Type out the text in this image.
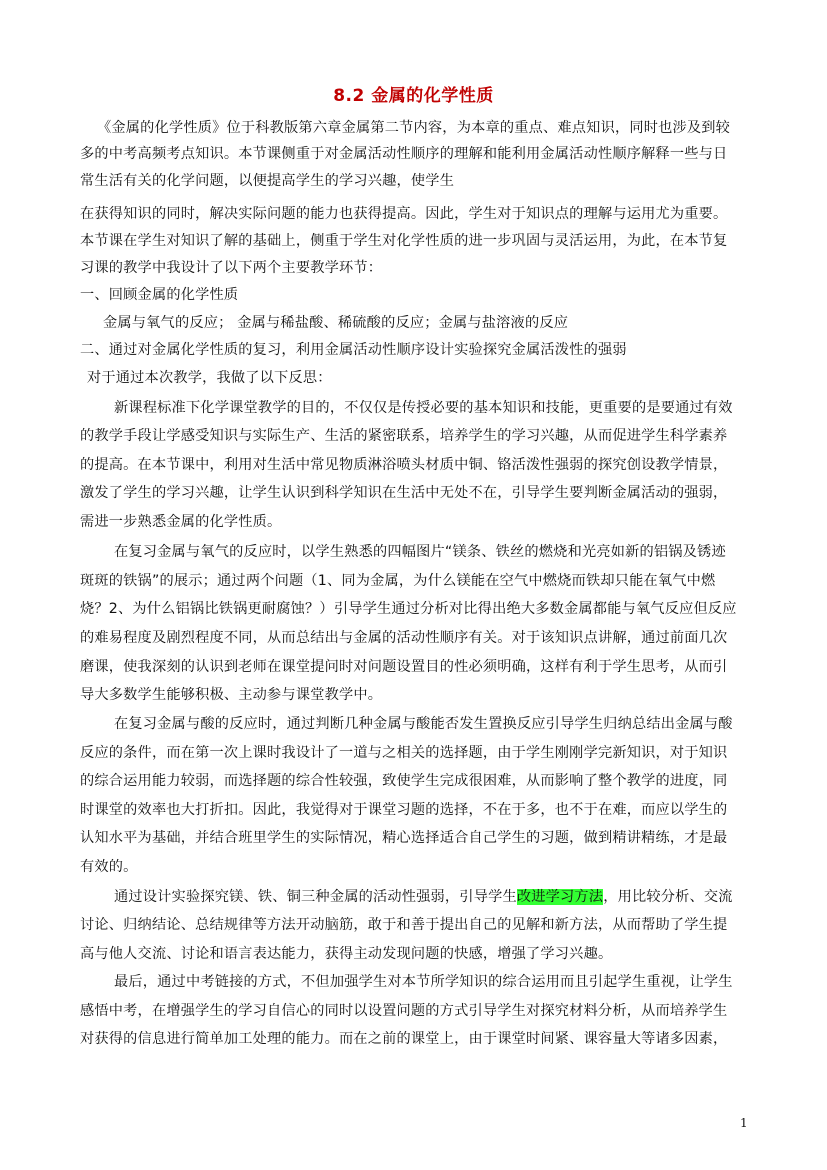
8.2 金属的化学性质
《金属的化学性质》位于科教版第六章金属第二节内容，为本章的重点、难点知识，同时也涉及到较
多的中考高频考点知识。本节课侧重于对金属活动性顺序的理解和能利用金属活动性顺序解释一些与日
常生活有关的化学问题，以便提高学生的学习兴趣，使学生
在获得知识的同时，解决实际问题的能力也获得提高。因此，学生对于知识点的理解与运用尤为重要。
本节课在学生对知识了解的基础上，侧重于学生对化学性质的进一步巩固与灵活运用，为此，在本节复
习课的教学中我设计了以下两个主要教学环节：
一、回顾金属的化学性质
金属与氧气的反应； 金属与稀盐酸、稀硫酸的反应；金属与盐溶液的反应
二、通过对金属化学性质的复习，利用金属活动性顺序设计实验探究金属活泼性的强弱
对于通过本次教学，我做了以下反思：
新课程标准下化学课堂教学的目的，不仅仅是传授必要的基本知识和技能，更重要的是要通过有效
的教学手段让学感受知识与实际生产、生活的紧密联系，培养学生的学习兴趣，从而促进学生科学素养
的提高。在本节课中，利用对生活中常见物质淋浴喷头材质中铜、铬活泼性强弱的探究创设教学情景，
激发了学生的学习兴趣，让学生认识到科学知识在生活中无处不在，引导学生要判断金属活动的强弱，
需进一步熟悉金属的化学性质。
在复习金属与氧气的反应时，以学生熟悉的四幅图片“镁条、铁丝的燃烧和光亮如新的铝锅及锈迹
斑斑的铁锅”的展示；通过两个问题（1、同为金属，为什么镁能在空气中燃烧而铁却只能在氧气中燃
烧？2、为什么铝锅比铁锅更耐腐蚀？）引导学生通过分析对比得出绝大多数金属都能与氧气反应但反应
的难易程度及剧烈程度不同，从而总结出与金属的活动性顺序有关。对于该知识点讲解，通过前面几次
磨课，使我深刻的认识到老师在课堂提问时对问题设置目的性必须明确，这样有利于学生思考，从而引
导大多数学生能够积极、主动参与课堂教学中。
在复习金属与酸的反应时，通过判断几种金属与酸能否发生置换反应引导学生归纳总结出金属与酸
反应的条件，而在第一次上课时我设计了一道与之相关的选择题，由于学生刚刚学完新知识，对于知识
的综合运用能力较弱，而选择题的综合性较强，致使学生完成很困难，从而影响了整个教学的进度，同
时课堂的效率也大打折扣。因此，我觉得对于课堂习题的选择，不在于多，也不于在难，而应以学生的
认知水平为基础，并结合班里学生的实际情况，精心选择适合自己学生的习题，做到精讲精练，才是最
有效的。
通过设计实验探究镁、铁、铜三种金属的活动性强弱，引导学生改进学习方法，用比较分析、交流
讨论、归纳结论、总结规律等方法开动脑筋，敢于和善于提出自己的见解和新方法，从而帮助了学生提
高与他人交流、讨论和语言表达能力，获得主动发现问题的快感，增强了学习兴趣。
最后，通过中考链接的方式，不但加强学生对本节所学知识的综合运用而且引起学生重视，让学生
感悟中考，在增强学生的学习自信心的同时以设置问题的方式引导学生对探究材料分析，从而培养学生
对获得的信息进行简单加工处理的能力。而在之前的课堂上，由于课堂时间紧、课容量大等诸多因素，
1
